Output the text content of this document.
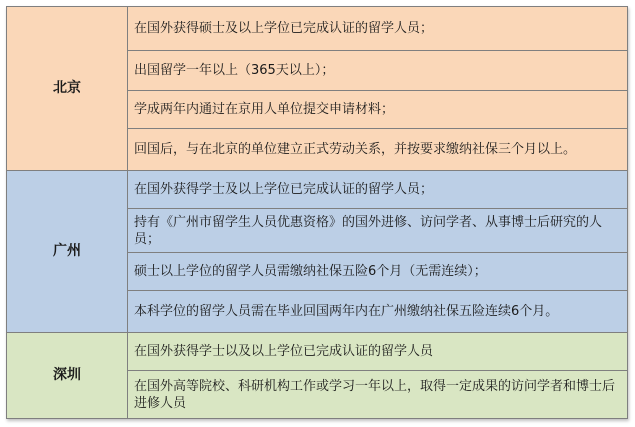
北京	在国外获得硕士及以上学位已完成认证的留学人员；
	出国留学一年以上（365天以上）；
	学成两年内通过在京用人单位提交申请材料；
	回国后，与在北京的单位建立正式劳动关系，并按要求缴纳社保三个月以上。
广州	在国外获得学士及以上学位已完成认证的留学人员；
	持有《广州市留学生人员优惠资格》的国外进修、访问学者、从事博士后研究的人员；
	硕士以上学位的留学人员需缴纳社保五险6个月（无需连续）；
	本科学位的留学人员需在毕业回国两年内在广州缴纳社保五险连续6个月。
深圳	在国外获得学士以及以上学位已完成认证的留学人员
	在国外高等院校、科研机构工作或学习一年以上，取得一定成果的访问学者和博士后进修人员
